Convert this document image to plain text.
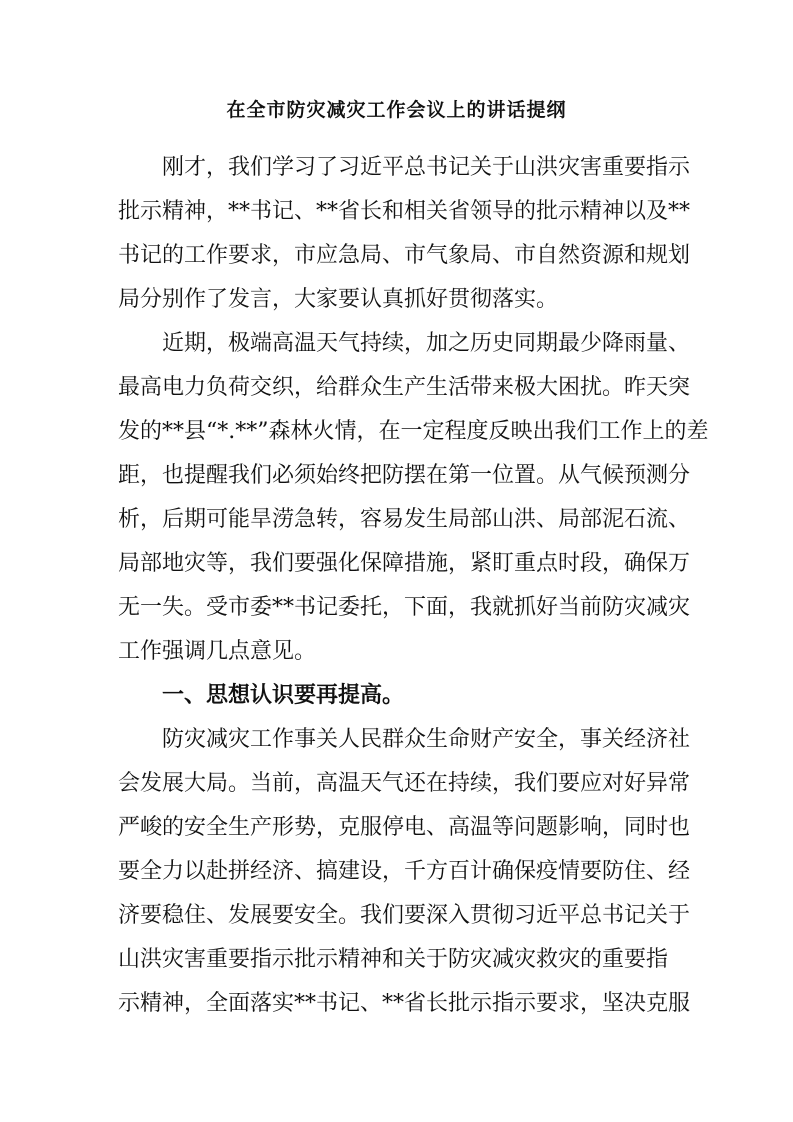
在全市防灾减灾工作会议上的讲话提纲

　　刚才，我们学习了习近平总书记关于山洪灾害重要指示

批示精神，**书记、**省长和相关省领导的批示精神以及**

书记的工作要求，市应急局、市气象局、市自然资源和规划

局分别作了发言，大家要认真抓好贯彻落实。

　　近期，极端高温天气持续，加之历史同期最少降雨量、

最高电力负荷交织，给群众生产生活带来极大困扰。昨天突

发的**县“*.**”森林火情，在一定程度反映出我们工作上的差

距，也提醒我们必须始终把防摆在第一位置。从气候预测分

析，后期可能旱涝急转，容易发生局部山洪、局部泥石流、

局部地灾等，我们要强化保障措施，紧盯重点时段，确保万

无一失。受市委**书记委托，下面，我就抓好当前防灾减灾

工作强调几点意见。

　　一、思想认识要再提高。

　　防灾减灾工作事关人民群众生命财产安全，事关经济社

会发展大局。当前，高温天气还在持续，我们要应对好异常

严峻的安全生产形势，克服停电、高温等问题影响，同时也

要全力以赴拼经济、搞建设，千方百计确保疫情要防住、经

济要稳住、发展要安全。我们要深入贯彻习近平总书记关于

山洪灾害重要指示批示精神和关于防灾减灾救灾的重要指

示精神，全面落实**书记、**省长批示指示要求，坚决克服
